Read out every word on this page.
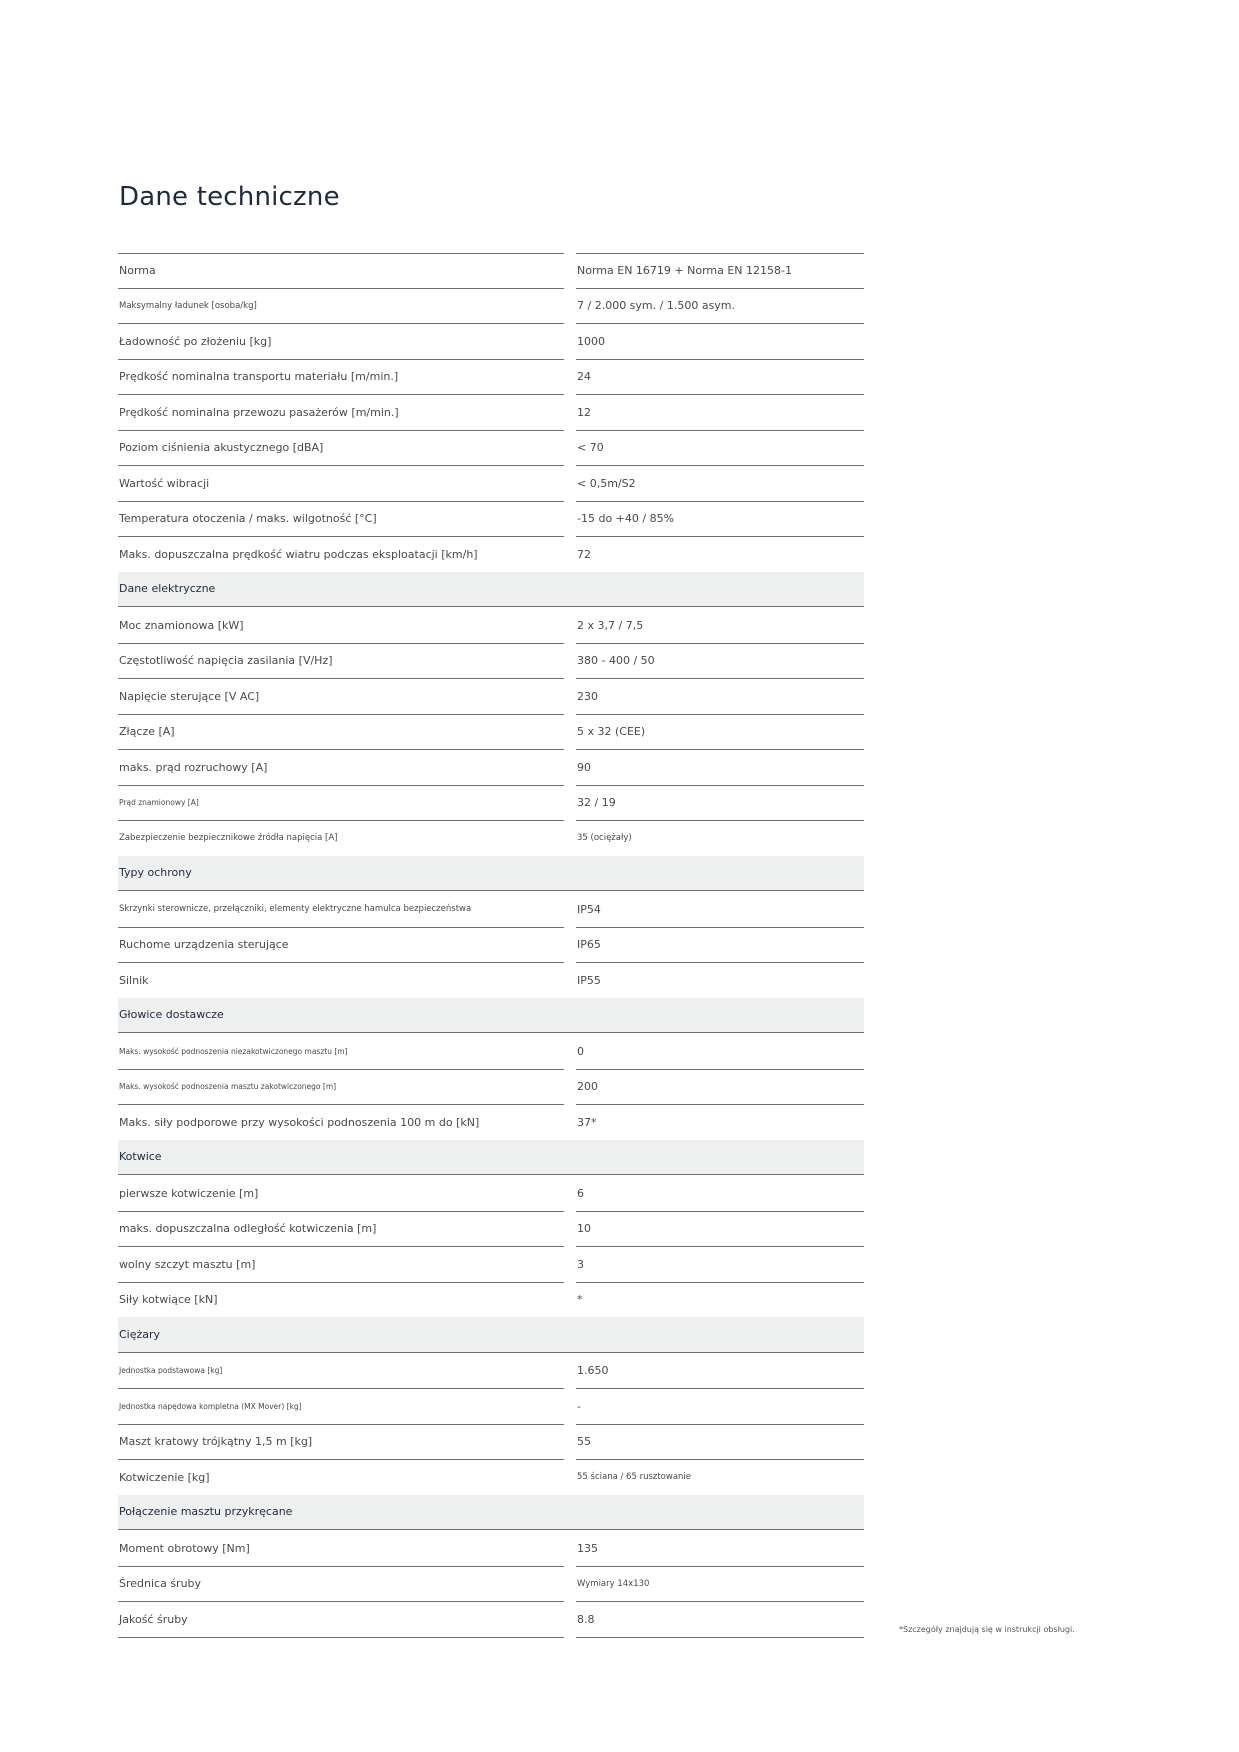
Dane techniczne
Norma	Norma EN 16719 + Norma EN 12158-1
Maksymalny ładunek [osoba/kg]	7 / 2.000 sym. / 1.500 asym.
Ładowność po złożeniu [kg]	1000
Prędkość nominalna transportu materiału [m/min.]	24
Prędkość nominalna przewozu pasażerów [m/min.]	12
Poziom ciśnienia akustycznego [dBA]	< 70
Wartość wibracji	< 0,5m/S2
Temperatura otoczenia / maks. wilgotność [°C]	-15 do +40 / 85%
Maks. dopuszczalna prędkość wiatru podczas eksploatacji [km/h]	72
Dane elektryczne
Moc znamionowa [kW]	2 x 3,7 / 7,5
Częstotliwość napięcia zasilania [V/Hz]	380 - 400 / 50
Napięcie sterujące [V AC]	230
Złącze [A]	5 x 32 (CEE)
maks. prąd rozruchowy [A]	90
Prąd znamionowy [A]	32 / 19
Zabezpieczenie bezpiecznikowe źródła napięcia [A]	35 (ociężały)
Typy ochrony
Skrzynki sterownicze, przełączniki, elementy elektryczne hamulca bezpieczeństwa	IP54
Ruchome urządzenia sterujące	IP65
Silnik	IP55
Głowice dostawcze
Maks. wysokość podnoszenia niezakotwiczonego masztu [m]	0
Maks. wysokość podnoszenia masztu zakotwiczonego [m]	200
Maks. siły podporowe przy wysokości podnoszenia 100 m do [kN]	37*
Kotwice
pierwsze kotwiczenie [m]	6
maks. dopuszczalna odległość kotwiczenia [m]	10
wolny szczyt masztu [m]	3
Siły kotwiące [kN]	*
Ciężary
Jednostka podstawowa [kg]	1.650
Jednostka napędowa kompletna (MX Mover) [kg]	-
Maszt kratowy trójkątny 1,5 m [kg]	55
Kotwiczenie [kg]	55 ściana / 65 rusztowanie
Połączenie masztu przykręcane
Moment obrotowy [Nm]	135
Średnica śruby	Wymiary 14x130
Jakość śruby	8.8
*Szczegóły znajdują się w instrukcji obsługi.
